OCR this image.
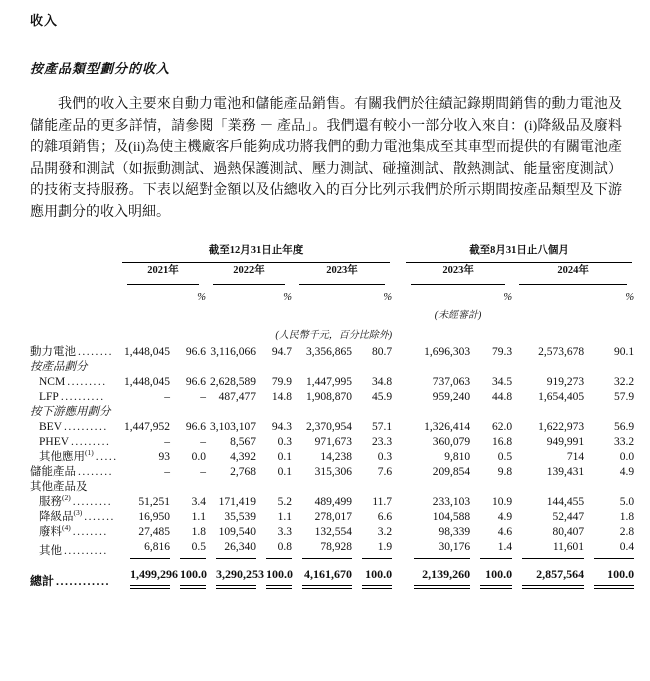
收入
按產品類型劃分的收入

我們的收入主要來自動力電池和儲能產品銷售。有關我們於往績記錄期間銷售的動力電池及儲能產品的更多詳情，請參閱「業務 － 產品」。我們還有較小一部分收入來自：(i)降級品及廢料的雜項銷售；及(ii)為使主機廠客戶能夠成功將我們的動力電池集成至其車型而提供的有關電池產品開發和測試（如振動測試、過熱保護測試、壓力測試、碰撞測試、散熱測試、能量密度測試）的技術支持服務。下表以絕對金額以及佔總收入的百分比列示我們於所示期間按產品類型及下游應用劃分的收入明細。

	截至12月31日止年度							截至8月31日止八個月			

	2021年		2022年		2023年			2023年		2024年	

		%		%		%			%		%
								(未經審計)			
	(人民幣千元，百分比除外)										
動力電池 ........	1,448,045	96.6	3,116,066	94.7	3,356,865	80.7		1,696,303	79.3	2,573,678	90.1
按產品劃分											
NCM .........	1,448,045	96.6	2,628,589	79.9	1,447,995	34.8		737,063	34.5	919,273	32.2
LFP ..........	–	–	487,477	14.8	1,908,870	45.9		959,240	44.8	1,654,405	57.9
按下游應用劃分											
BEV ..........	1,447,952	96.6	3,103,107	94.3	2,370,954	57.1		1,326,414	62.0	1,622,973	56.9
PHEV .........	–	–	8,567	0.3	971,673	23.3		360,079	16.8	949,991	33.2
其他應用$^{(1)}$ .....	93	0.0	4,392	0.1	14,238	0.3		9,810	0.5	714	0.0
儲能產品 ........	–	–	2,768	0.1	315,306	7.6		209,854	9.8	139,431	4.9
其他產品及											
服務$^{(2)}$ .........	51,251	3.4	171,419	5.2	489,499	11.7		233,103	10.9	144,455	5.0
降級品$^{(3)}$ .......	16,950	1.1	35,539	1.1	278,017	6.6		104,588	4.9	52,447	1.8
廢料$^{(4)}$ ........	27,485	1.8	109,540	3.3	132,554	3.2		98,339	4.6	80,407	2.8
其他 ..........	6,816	0.5	26,340	0.8	78,928	1.9		30,176	1.4	11,601	0.4

總計 ............	1,499,296	100.0	3,290,253	100.0	4,161,670	100.0		2,139,260	100.0	2,857,564	100.0
